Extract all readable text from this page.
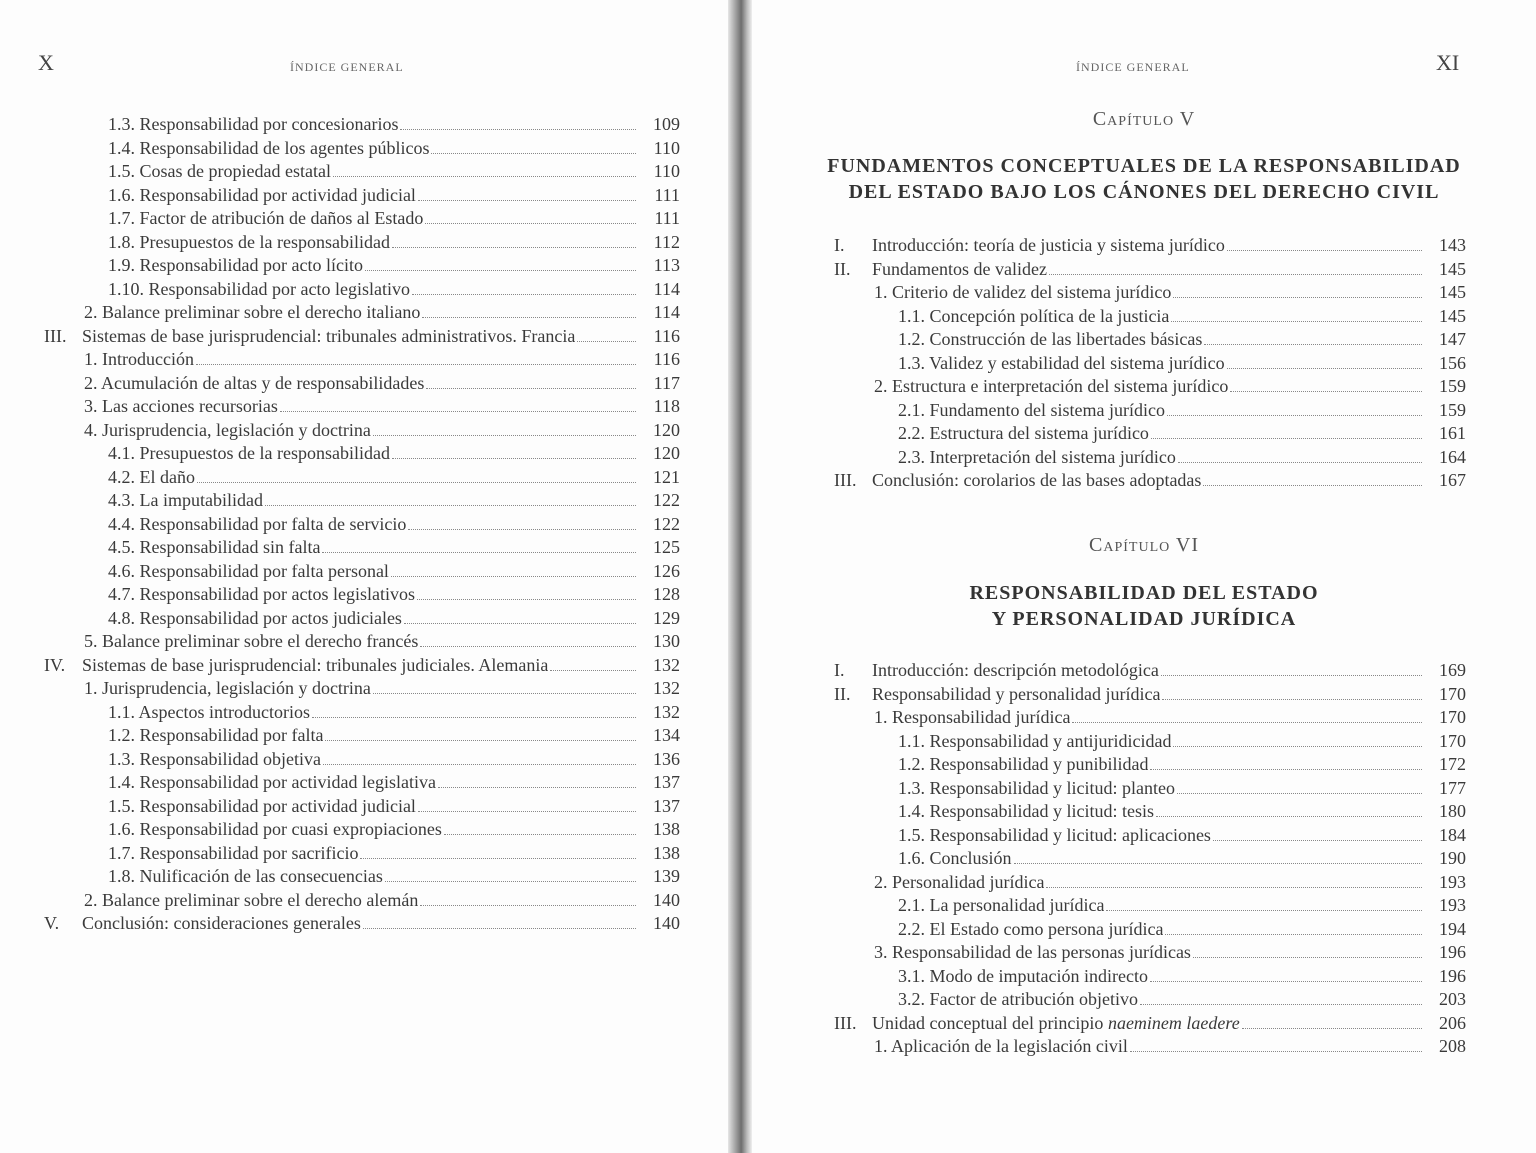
X	ÍNDICE GENERAL
1.3. Responsabilidad por concesionarios	109
1.4. Responsabilidad de los agentes públicos	110
1.5. Cosas de propiedad estatal	110
1.6. Responsabilidad por actividad judicial	111
1.7. Factor de atribución de daños al Estado	111
1.8. Presupuestos de la responsabilidad	112
1.9. Responsabilidad por acto lícito	113
1.10. Responsabilidad por acto legislativo	114
2. Balance preliminar sobre el derecho italiano	114
III. Sistemas de base jurisprudencial: tribunales administrativos. Francia	116
1. Introducción	116
2. Acumulación de altas y de responsabilidades	117
3. Las acciones recursorias	118
4. Jurisprudencia, legislación y doctrina	120
4.1. Presupuestos de la responsabilidad	120
4.2. El daño	121
4.3. La imputabilidad	122
4.4. Responsabilidad por falta de servicio	122
4.5. Responsabilidad sin falta	125
4.6. Responsabilidad por falta personal	126
4.7. Responsabilidad por actos legislativos	128
4.8. Responsabilidad por actos judiciales	129
5. Balance preliminar sobre el derecho francés	130
IV. Sistemas de base jurisprudencial: tribunales judiciales. Alemania	132
1. Jurisprudencia, legislación y doctrina	132
1.1. Aspectos introductorios	132
1.2. Responsabilidad por falta	134
1.3. Responsabilidad objetiva	136
1.4. Responsabilidad por actividad legislativa	137
1.5. Responsabilidad por actividad judicial	137
1.6. Responsabilidad por cuasi expropiaciones	138
1.7. Responsabilidad por sacrificio	138
1.8. Nulificación de las consecuencias	139
2. Balance preliminar sobre el derecho alemán	140
V.	Conclusión: consideraciones generales	140
ÍNDICE GENERAL	XI
Capítulo V
FUNDAMENTOS CONCEPTUALES DE LA RESPONSABILIDAD
DEL ESTADO BAJO LOS CÁNONES DEL DERECHO CIVIL
I.	Introducción: teoría de justicia y sistema jurídico	143
II.	Fundamentos de validez	145
1. Criterio de validez del sistema jurídico	145
1.1. Concepción política de la justicia	145
1.2. Construcción de las libertades básicas	147
1.3. Validez y estabilidad del sistema jurídico	156
2. Estructura e interpretación del sistema jurídico	159
2.1. Fundamento del sistema jurídico	159
2.2. Estructura del sistema jurídico	161
2.3. Interpretación del sistema jurídico	164
III. Conclusión: corolarios de las bases adoptadas	167
Capítulo VI
RESPONSABILIDAD DEL ESTADO
Y PERSONALIDAD JURÍDICA
I.	Introducción: descripción metodológica	169
II.	Responsabilidad y personalidad jurídica	170
1. Responsabilidad jurídica	170
1.1. Responsabilidad y antijuridicidad	170
1.2. Responsabilidad y punibilidad	172
1.3. Responsabilidad y licitud: planteo	177
1.4. Responsabilidad y licitud: tesis	180
1.5. Responsabilidad y licitud: aplicaciones	184
1.6. Conclusión	190
2. Personalidad jurídica	193
2.1. La personalidad jurídica	193
2.2. El Estado como persona jurídica	194
3. Responsabilidad de las personas jurídicas	196
3.1. Modo de imputación indirecto	196
3.2. Factor de atribución objetivo	203
III. Unidad conceptual del principio naeminem laedere	206
1. Aplicación de la legislación civil	208
